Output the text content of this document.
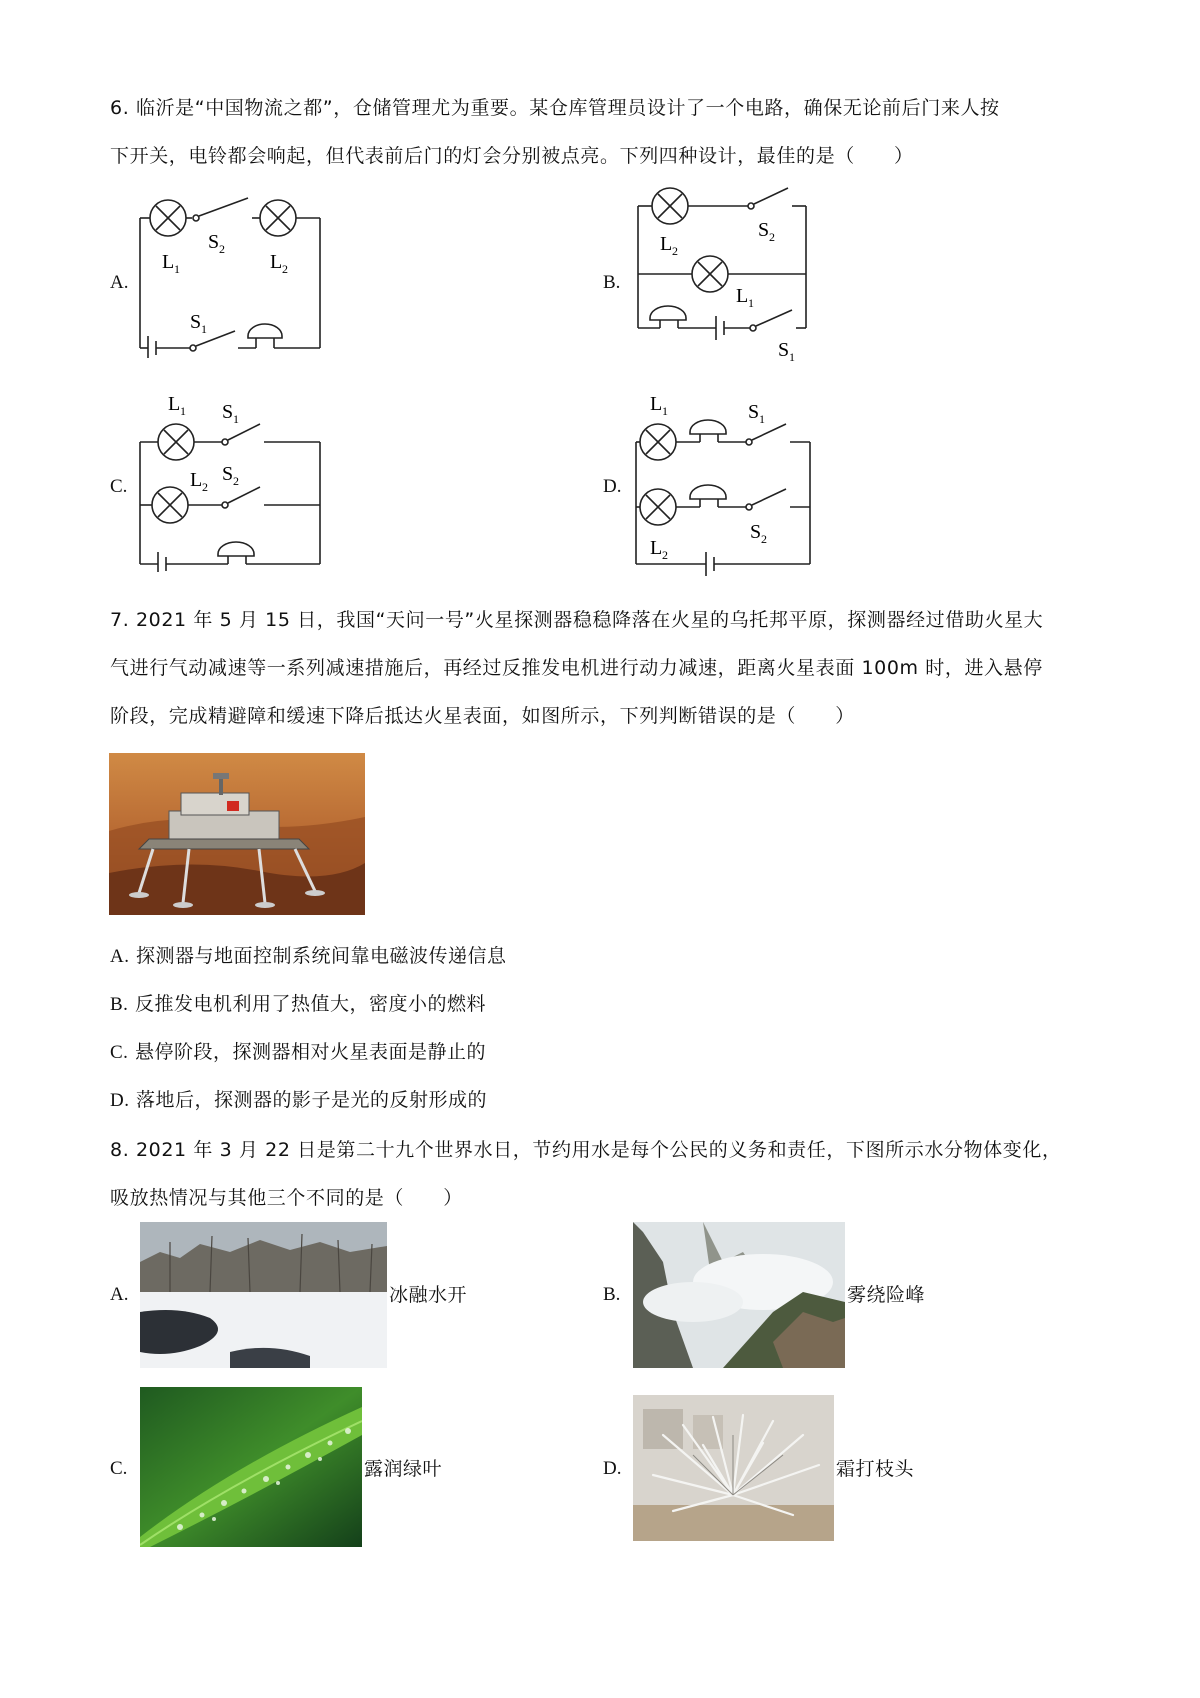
6. 临沂是“中国物流之都”，仓储管理尤为重要。某仓库管理员设计了一个电路，确保无论前后门来人按
下开关，电铃都会响起，但代表前后门的灯会分别被点亮。下列四种设计，最佳的是（　　）
A.
L 1
S 2
L 2
S 1
B.
S 2
L 2
L 1
S 1
C.
L 1 S 1
L 2
S 2	D.
L 1	S 1
S 2
L 2
7. 2021 年 5 月 15 日，我国“天问一号”火星探测器稳稳降落在火星的乌托邦平原，探测器经过借助火星大
气进行气动减速等一系列减速措施后，再经过反推发电机进行动力减速，距离火星表面 100m 时，进入悬停
阶段，完成精避障和缓速下降后抵达火星表面，如图所示，下列判断错误的是（　　）
A. 探测器与地面控制系统间靠电磁波传递信息
B. 反推发电机利用了热值大，密度小的燃料
C. 悬停阶段，探测器相对火星表面是静止的
D. 落地后，探测器的影子是光的反射形成的
8. 2021 年 3 月 22 日是第二十九个世界水日，节约用水是每个公民的义务和责任，下图所示水分物体变化，
吸放热情况与其他三个不同的是（　　）
A.	冰融水开	B.	雾绕险峰
C.	露润绿叶	D.	霜打枝头
